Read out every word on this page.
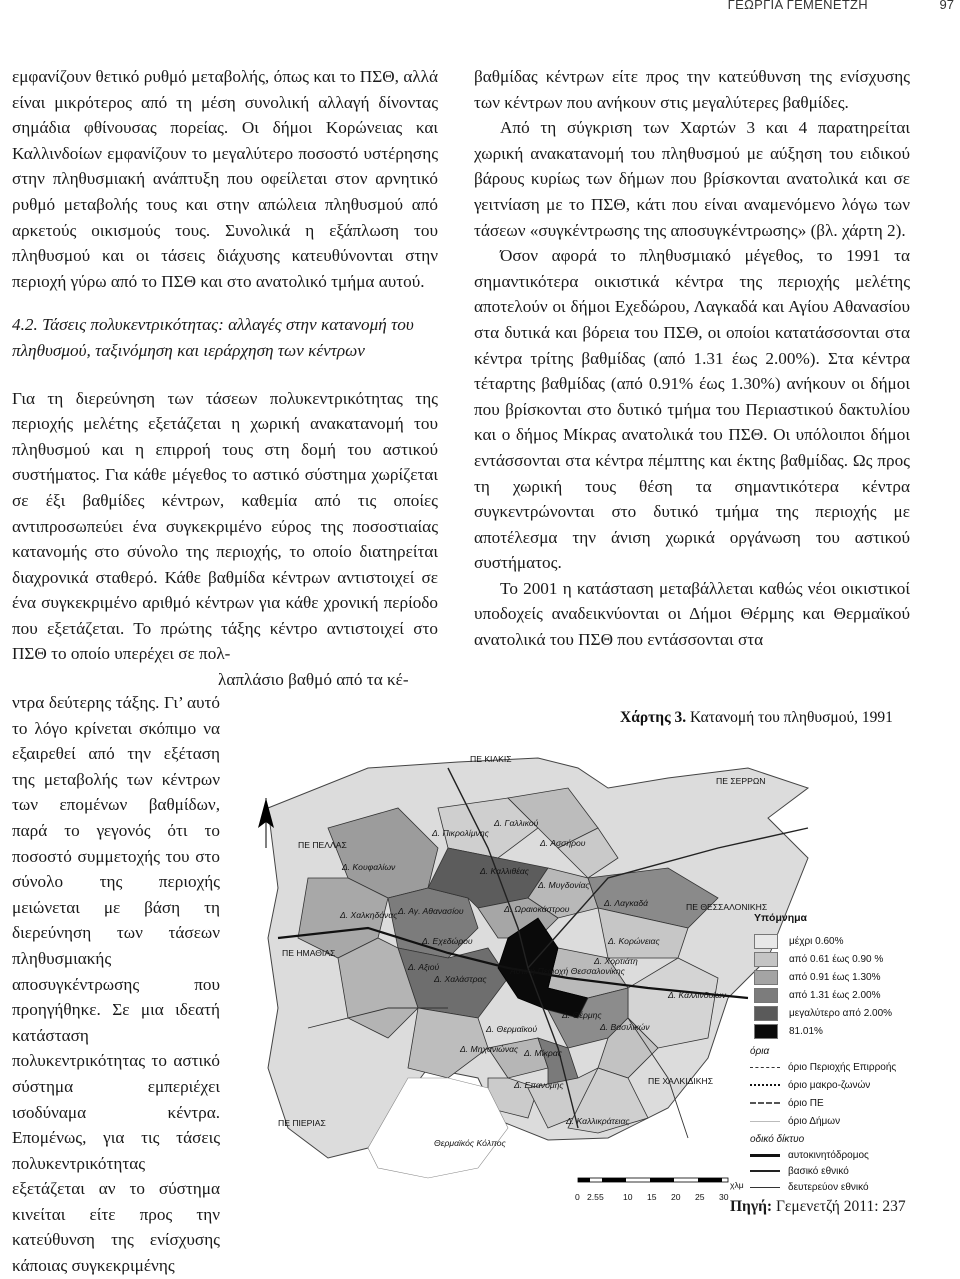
ΓΕΩΡΓΙΑ ΓΕΜΕΝΕΤΖΗ	97

εμφανίζουν θετικό ρυθμό μεταβολής, όπως και το ΠΣΘ, αλλά είναι μικρότερος από τη μέση συνολική αλλαγή δίνοντας σημάδια φθίνουσας πορείας. Οι δήμοι Κορώνειας και Καλλινδοίων εμφανίζουν το μεγαλύτερο ποσοστό υστέρησης στην πληθυσμιακή ανάπτυξη που οφείλεται στον αρνητικό ρυθμό μεταβολής τους και στην απώλεια πληθυσμού από αρκετούς οικισμούς τους. Συνολικά η εξάπλωση του πληθυσμού και οι τάσεις διάχυσης κατευθύνονται στην περιοχή γύρω από το ΠΣΘ και στο ανατολικό τμήμα αυτού.

4.2. Τάσεις πολυκεντρικότητας: αλλαγές στην κατανομή του πληθυσμού, ταξινόμηση και ιεράρχηση των κέντρων

Για τη διερεύνηση των τάσεων πολυκεντρικότητας της περιοχής μελέτης εξετάζεται η χωρική ανακατανομή του πληθυσμού και η επιρροή τους στη δομή του αστικού συστήματος. Για κάθε μέγεθος το αστικό σύστημα χωρίζεται σε έξι βαθμίδες κέντρων, καθεμία από τις οποίες αντιπροσωπεύει ένα συγκεκριμένο εύρος της ποσοστιαίας κατανομής στο σύνολο της περιοχής, το οποίο διατηρείται διαχρονικά σταθερό. Κάθε βαθμίδα κέντρων αντιστοιχεί σε ένα συγκεκριμένο αριθμό κέντρων για κάθε χρονική περίοδο που εξετάζεται. Το πρώτης τάξης κέντρο αντιστοιχεί στο ΠΣΘ το οποίο υπερέχει σε πολ-

λαπλάσιο βαθμό από τα κέ-

ντρα δεύτερης τάξης. Γι’ αυτό το λόγο κρίνεται σκόπιμο να εξαιρεθεί από την εξέταση της μεταβολής των κέντρων των επομένων βαθμίδων, παρά το γεγονός ότι το ποσοστό συμμετοχής του στο σύνολο της περιοχής μειώνεται με βάση τη διερεύνηση των τάσεων πληθυσμιακής αποσυγκέντρωσης που προηγήθηκε. Σε μια ιδεατή κατάσταση πολυκεντρικότητας το αστικό σύστημα εμπεριέχει ισοδύναμα κέντρα. Επομένως, για τις τάσεις πολυκεντρικότητας εξετάζεται αν το σύστημα κινείται είτε προς την κατεύθυνση της ενίσχυσης κάποιας συγκεκριμένης

βαθμίδας κέντρων είτε προς την κατεύθυνση της ενίσχυσης των κέντρων που ανήκουν στις μεγαλύτερες βαθμίδες.

Από τη σύγκριση των Χαρτών 3 και 4 παρατηρείται χωρική ανακατανομή του πληθυσμού με αύξηση του ειδικού βάρους κυρίως των δήμων που βρίσκονται ανατολικά και σε γειτνίαση με το ΠΣΘ, κάτι που είναι αναμενόμενο λόγω των τάσεων «συγκέντρωσης της αποσυγκέντρωσης» (βλ. χάρτη 2).

Όσον αφορά το πληθυσμιακό μέγεθος, το 1991 τα σημαντικότερα οικιστικά κέντρα της περιοχής μελέτης αποτελούν οι δήμοι Εχεδώρου, Λαγκαδά και Αγίου Αθανασίου στα δυτικά και βόρεια του ΠΣΘ, οι οποίοι κατατάσσονται στα κέντρα τρίτης βαθμίδας (από 1.31 έως 2.00%). Στα κέντρα τέταρτης βαθμίδας (από 0.91% έως 1.30%) ανήκουν οι δήμοι που βρίσκονται στο δυτικό τμήμα του Περιαστικού δακτυλίου και ο δήμος Μίκρας ανατολικά του ΠΣΘ. Οι υπόλοιποι δήμοι εντάσσονται στα κέντρα πέμπτης και έκτης βαθμίδας. Ως προς τη χωρική τους θέση τα σημαντικότερα κέντρα συγκεντρώνονται στο δυτικό τμήμα της περιοχής με αποτέλεσμα την άνιση χωρικά οργάνωση του αστικού συστήματος.

Το 2001 η κατάσταση μεταβάλλεται καθώς νέοι οικιστικοί υποδοχείς αναδεικνύονται οι Δήμοι Θέρμης και Θερμαϊκού ανατολικά του ΠΣΘ που εντάσσονται στα

Χάρτης 3. Κατανομή του πληθυσμού, 1991
ΠΕ ΚΙΛΚΙΣ
ΠΕ ΣΕΡΡΩΝ
ΠΕ ΠΕΛΛΑΣ
ΠΕ ΗΜΑΘΙΑΣ
ΠΕ ΘΕΣΣΑΛΟΝΙΚΗΣ
ΠΕ ΧΑΛΚΙΔΙΚΗΣ
ΠΕ ΠΙΕΡΙΑΣ
Δ. Πικρολίμνης
Δ. Γαλλικού
Δ. Ασσήρου
Δ. Κουφαλίων	Δ. Καλλιθέας
Δ. Μυγδονίας
Δ. Λαγκαδά
Δ. Χαλκηδόνας Δ. Αγ. Αθανασίου	Δ. Ωραιοκάστρου
Δ. Κορώνειας
Δ. Εχεδώρου
Δ. Χορτιάτη
Δ. Αξιού
Δ. Χαλάστρας
Αστική Περιοχή Θεσσαλονίκης
Δ. Καλλινδοίων
Δ. Θέρμης
Δ. Βασιλικών
Δ. Θερμαϊκού
Δ. Μηχανιώνας Δ. Μίκρας
Δ. Επανομής
Δ. Καλλικράτειας
Θερμαϊκός Κόλπος
0 2.5 5 10 15 20 25 30
χλμ
Υπόμνημα
μέχρι 0.60%
από 0.61 έως 0.90 %
από 0.91 έως 1.30%
από 1.31 έως 2.00%
μεγαλύτερο από 2.00%
81.01%
όρια
όριο Περιοχής Επιρροής
όριο μακρο-ζωνών
όριο ΠΕ
όριο Δήμων
οδικό δίκτυο
αυτοκινητόδρομος
βασικό εθνικό
δευτερεύον εθνικό
Πηγή: Γεμενετζή 2011: 237
